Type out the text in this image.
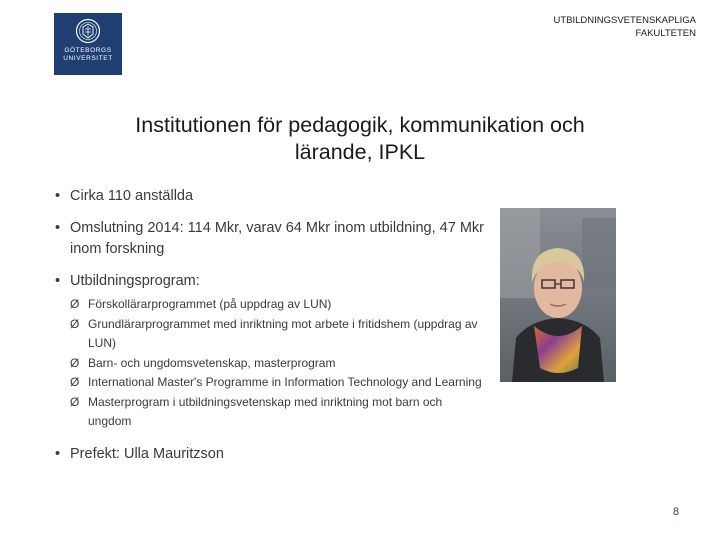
GÖTEBORGS
UNIVERSITET
UTBILDNINGSVETENSKAPLIGA
FAKULTETEN
Institutionen för pedagogik, kommunikation och
lärande, IPKL
• Cirka 110 anställda
• Omslutning 2014: 114 Mkr, varav 64 Mkr inom utbildning, 47 Mkr inom forskning
• Utbildningsprogram:
Ø Förskollärarprogrammet (på uppdrag av LUN)
Ø Grundlärarprogrammet med inriktning mot arbete i fritidshem (uppdrag av LUN)
Ø Barn- och ungdomsvetenskap, masterprogram
Ø International Master's Programme in Information Technology and Learning
Ø Masterprogram i utbildningsvetenskap med inriktning mot barn och ungdom
• Prefekt: Ulla Mauritzson
8
